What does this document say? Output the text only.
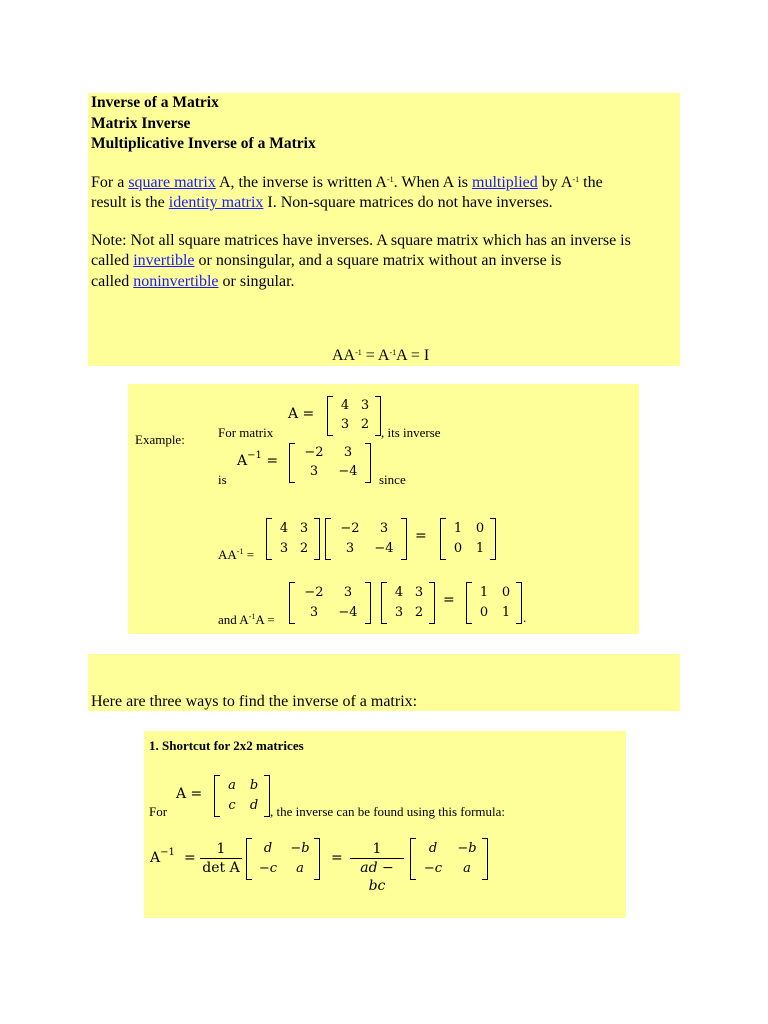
Inverse of a Matrix
Matrix Inverse
Multiplicative Inverse of a Matrix
For a square matrix A, the inverse is written $A^{-1}$. When A is multiplied by $A^{-1}$ the
result is the identity matrix I. Non-square matrices do not have inverses.
Note: Not all square matrices have inverses. A square matrix which has an inverse is
called invertible or nonsingular, and a square matrix without an inverse is
called noninvertible or singular.
$AA^{-1} = A^{-1}A = I$
Example:	For matrix
A =
4 3
3 2
, its inverse
is
$A^{-1}$ =
−2	3
3	−4
since
$AA^{-1}$ =
4 3
3 2
−2	3
3	−4
=	1	0
0	1
and $A^{-1}A$ =
−2	3
3	−4
4 3
3 2
=	1	0
0	1 .
Here are three ways to find the inverse of a matrix:
1. Shortcut for 2x2 matrices
A =
a	b
c	d
For	, the inverse can be found using this formula:
$A^{-1}$ =
1
det A
d	−b
−c	a
=
1
ad − bc
d	−b
−c	a
